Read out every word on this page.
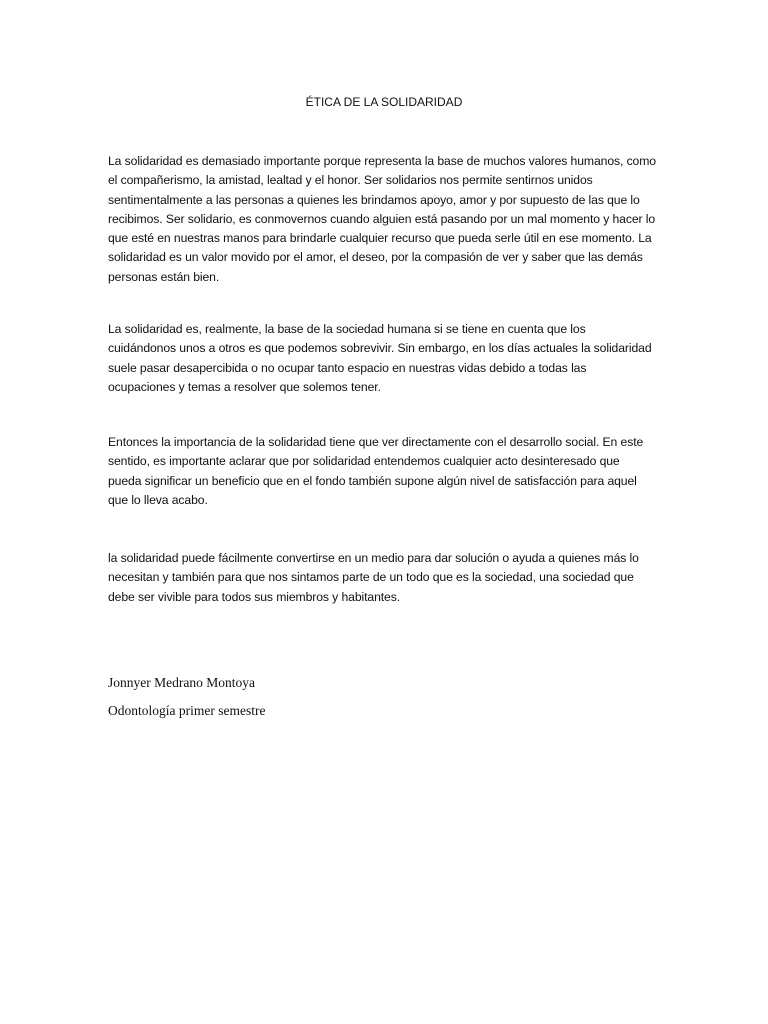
ÉTICA DE LA SOLIDARIDAD

La solidaridad es demasiado importante porque representa la base de muchos valores humanos, como el compañerismo, la amistad, lealtad y el honor. Ser solidarios nos permite sentirnos unidos sentimentalmente a las personas a quienes les brindamos apoyo, amor y por supuesto de las que lo recibimos. Ser solidario, es conmovernos cuando alguien está pasando por un mal momento y hacer lo que esté en nuestras manos para brindarle cualquier recurso que pueda serle útil en ese momento. La solidaridad es un valor movido por el amor, el deseo, por la compasión de ver y saber que las demás personas están bien.

La solidaridad es, realmente, la base de la sociedad humana si se tiene en cuenta que los cuidándonos unos a otros es que podemos sobrevivir. Sin embargo, en los días actuales la solidaridad suele pasar desapercibida o no ocupar tanto espacio en nuestras vidas debido a todas las ocupaciones y temas a resolver que solemos tener.

Entonces la importancia de la solidaridad tiene que ver directamente con el desarrollo social. En este sentido, es importante aclarar que por solidaridad entendemos cualquier acto desinteresado que pueda significar un beneficio que en el fondo también supone algún nivel de satisfacción para aquel que lo lleva acabo.

la solidaridad puede fácilmente convertirse en un medio para dar solución o ayuda a quienes más lo necesitan y también para que nos sintamos parte de un todo que es la sociedad, una sociedad que debe ser vivible para todos sus miembros y habitantes.

Jonnyer Medrano Montoya

Odontología primer semestre
